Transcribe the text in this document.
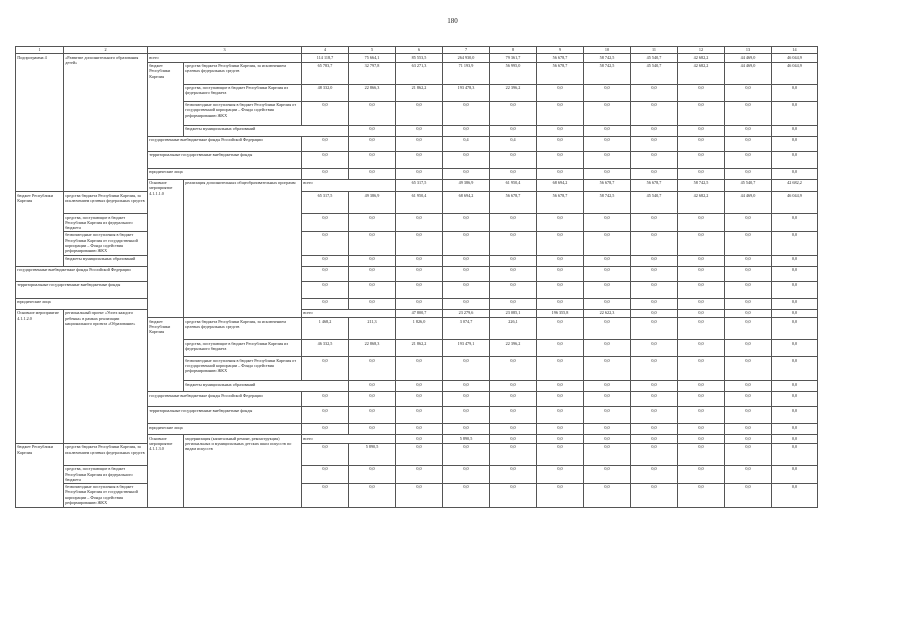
180
1	2	3		4	5	6	7	8	9	10	11	12	13	14	
Подпрограмма 4	«Развитие дополнительного образования детей»	всего		114 118,7	75 664,1	85 553,5	264 930,0	79 361,7	56 678,7	58 742,5	45 540,7	42 682,2	44 469,0	46 044,9	
		бюджет Республики Карелия	средства бюджета Республики Карелия, за исключением целевых федеральных средств	65 783,7	32 797,8	63 271,3	71 193,9	56 995,0	56 678,7	58 742,5	45 540,7	42 682,2	44 469,0	46 044,9	
			средства, поступающие в бюджет Республики Карелия из федерального бюджета	48 332,0	22 866,3	21 862,2	193 478,3	22 396,2	0,0	0,0	0,0	0,0	0,0	0,0	
			безвозмездные поступления в бюджет Республики Карелия от государственной корпорации – Фонда содействия реформированию ЖКХ	0,0	0,0	0,0	0,0	0,0	0,0	0,0	0,0	0,0	0,0	0,0	
			бюджеты муниципальных образований		0,0	0,0	0,0	0,0	0,0	0,0	0,0	0,0	0,0	0,0	
		государственные внебюджетные фонды Российской Федерации		0,0	0,0	0,0	0,4	0,4	0,0	0,0	0,0	0,0	0,0	0,0	
		территориальные государственные внебюджетные фонды		0,0	0,0	0,0	0,0	0,0	0,0	0,0	0,0	0,0	0,0	0,0	
		юридические лица		0,0	0,0	0,0	0,0	0,0	0,0	0,0	0,0	0,0	0,0	0,0	
		Основное мероприятие 4.1.1.1.0	реализация дополнительных общеобразовательных программ	всего		65 317,5	49 386,9	61 950,4	68 694,2	56 678,7	56 678,7	58 742,5	45 540,7	42 682,2		
бюджет Республики Карелия	средства бюджета Республики Карелия, за исключением целевых федеральных средств			65 317,5	49 386,9	61 950,4	68 694,2	56 678,7	56 678,7	58 742,5	45 540,7	42 682,2	44 469,0	46 044,9	
	средства, поступающие в бюджет Республики Карелия из федерального бюджета			0,0	0,0	0,0	0,0	0,0	0,0	0,0	0,0	0,0	0,0	0,0	
	безвозмездные поступления в бюджет Республики Карелия от государственной корпорации – Фонда содействия реформированию ЖКХ			0,0	0,0	0,0	0,0	0,0	0,0	0,0	0,0	0,0	0,0	0,0	
	бюджеты муниципальных образований			0,0	0,0	0,0	0,0	0,0	0,0	0,0	0,0	0,0	0,0	0,0	
государственные внебюджетные фонды Российской Федерации				0,0	0,0	0,0	0,0	0,0	0,0	0,0	0,0	0,0	0,0	0,0	
территориальные государственные внебюджетные фонды				0,0	0,0	0,0	0,0	0,0	0,0	0,0	0,0	0,0	0,0	0,0	
юридические лица				0,0	0,0	0,0	0,0	0,0	0,0	0,0	0,0	0,0	0,0	0,0	
Основное мероприятие 4.1.1.2.0	региональный проект «Успех каждого ребенка» в рамках реализации национального проекта «Образование»			всего		47 800,7	23 279,6	23 085,1	196 355,8	22 622,3	0,0	0,0	0,0	0,0		
		бюджет Республики Карелия	средства бюджета Республики Карелия, за исключением целевых федеральных средств	1 468,2	211,3	1 826,0	3 074,7	226,1	0,0	0,0	0,0	0,0	0,0	0,0	
			средства, поступающие в бюджет Республики Карелия из федерального бюджета	46 332,5	22 868,3	21 862,2	193 479,1	22 396,2	0,0	0,0	0,0	0,0	0,0	0,0	
			безвозмездные поступления в бюджет Республики Карелия от государственной корпорации – Фонда содействия реформированию ЖКХ	0,0	0,0	0,0	0,0	0,0	0,0	0,0	0,0	0,0	0,0	0,0	
			бюджеты муниципальных образований		0,0	0,0	0,0	0,0	0,0	0,0	0,0	0,0	0,0	0,0	
		государственные внебюджетные фонды Российской Федерации		0,0	0,0	0,0	0,0	0,0	0,0	0,0	0,0	0,0	0,0	0,0	
		территориальные государственные внебюджетные фонды		0,0	0,0	0,0	0,0	0,0	0,0	0,0	0,0	0,0	0,0	0,0	
		юридические лица		0,0	0,0	0,0	0,0	0,0	0,0	0,0	0,0	0,0	0,0	0,0	
		Основное мероприятие 4.1.1.3.0	модернизация (капитальный ремонт, реконструкция) региональных и муниципальных детских школ искусств по видам искусств	всего		0,0	5 890,5	0,0	0,0	0,0	0,0	0,0	0,0	0,0		
бюджет Республики Карелия	средства бюджета Республики Карелия, за исключением целевых федеральных средств			0,0	5 890,5	0,0	0,0	0,0	0,0	0,0	0,0	0,0	0,0	0,0	
	средства, поступающие в бюджет Республики Карелия из федерального бюджета			0,0	0,0	0,0	0,0	0,0	0,0	0,0	0,0	0,0	0,0	0,0	
	безвозмездные поступления в бюджет Республики Карелия от государственной корпорации – Фонда содействия реформированию ЖКХ			0,0	0,0	0,0	0,0	0,0	0,0	0,0	0,0	0,0	0,0	0,0	
